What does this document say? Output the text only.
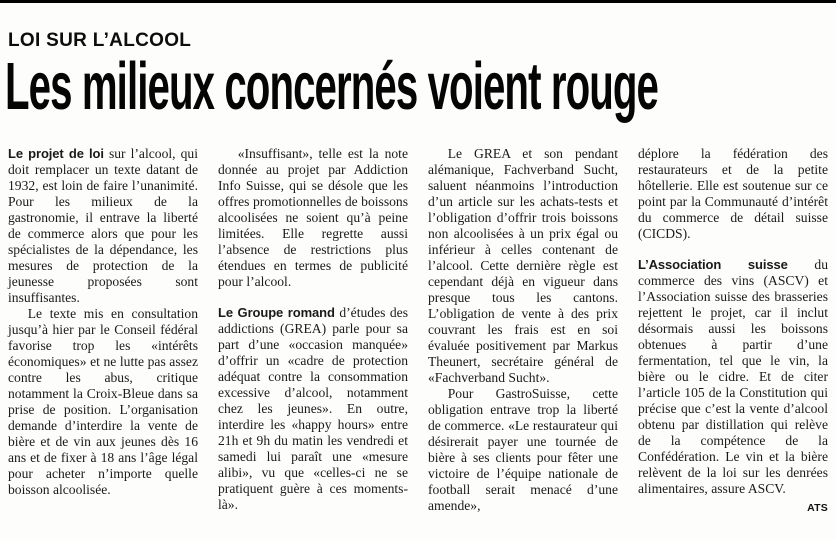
LOI SUR L’ALCOOL
Les milieux concernés voient rouge

Le projet de loi sur l’alcool, qui doit remplacer un texte datant de 1932, est loin de faire l’unanimité. Pour les milieux de la gastronomie, il entrave la liberté de commerce alors que pour les spécialistes de la dépendance, les mesures de protection de la jeunesse proposées sont insuffisantes.

Le texte mis en consultation jusqu’à hier par le Conseil fédéral favorise trop les «intérêts économiques» et ne lutte pas assez contre les abus, critique notamment la Croix-Bleue dans sa prise de position. L’organisation demande d’interdire la vente de bière et de vin aux jeunes dès 16 ans et de fixer à 18 ans l’âge légal pour acheter n’importe quelle boisson alcoolisée.

«Insuffisant», telle est la note donnée au projet par Addiction Info Suisse, qui se désole que les offres promotionnelles de boissons alcoolisées ne soient qu’à peine limitées. Elle regrette aussi l’absence de restrictions plus étendues en termes de publicité pour l’alcool.

Le Groupe romand d’études des addictions (GREA) parle pour sa part d’une «occasion manquée» d’offrir un «cadre de protection adéquat contre la consommation excessive d’alcool, notamment chez les jeunes». En outre, interdire les «happy hours» entre 21h et 9h du matin les vendredi et samedi lui paraît une «mesure alibi», vu que «celles-ci ne se pratiquent guère à ces moments-là».

Le GREA et son pendant alémanique, Fachverband Sucht, saluent néanmoins l’introduction d’un article sur les achats-tests et l’obligation d’offrir trois boissons non alcoolisées à un prix égal ou inférieur à celles contenant de l’alcool. Cette dernière règle est cependant déjà en vigueur dans presque tous les cantons. L’obligation de vente à des prix couvrant les frais est en soi évaluée positivement par Markus Theunert, secrétaire général de «Fachverband Sucht».

Pour GastroSuisse, cette obligation entrave trop la liberté de commerce. «Le restaurateur qui désirerait payer une tournée de bière à ses clients pour fêter une victoire de l’équipe nationale de football serait menacé d’une amende»,

déplore la fédération des restaurateurs et de la petite hôtellerie. Elle est soutenue sur ce point par la Communauté d’intérêt du commerce de détail suisse (CICDS).

L’Association suisse du commerce des vins (ASCV) et l’Association suisse des brasseries rejettent le projet, car il inclut désormais aussi les boissons obtenues à partir d’une fermentation, tel que le vin, la bière ou le cidre. Et de citer l’article 105 de la Constitution qui précise que c’est la vente d’alcool obtenu par distillation qui relève de la compétence de la Confédération. Le vin et la bière relèvent de la loi sur les denrées alimentaires, assure ASCV.

ATS
